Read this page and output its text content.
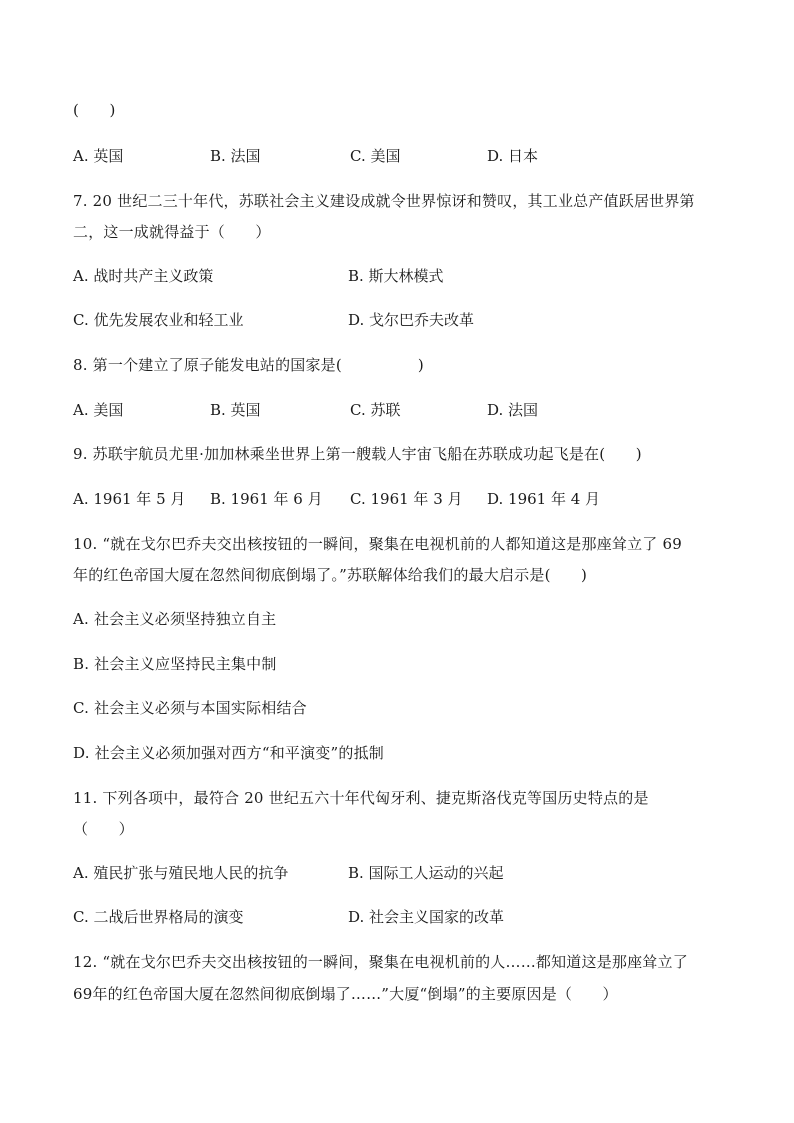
(　　)
A. 英国	B. 法国	C. 美国	D. 日本
7. 20 世纪二三十年代，苏联社会主义建设成就令世界惊讶和赞叹，其工业总产值跃居世界第
二，这一成就得益于（　　）
A. 战时共产主义政策	B. 斯大林模式
C. 优先发展农业和轻工业	D. 戈尔巴乔夫改革
8. 第一个建立了原子能发电站的国家是(　　　　　)
A. 美国	B. 英国	C. 苏联	D. 法国
9. 苏联宇航员尤里·加加林乘坐世界上第一艘载人宇宙飞船在苏联成功起飞是在(　　)
A. 1961 年 5 月 B. 1961 年 6 月 C. 1961 年 3 月 D. 1961 年 4 月
10. “就在戈尔巴乔夫交出核按钮的一瞬间，聚集在电视机前的人都知道这是那座耸立了 69
年的红色帝国大厦在忽然间彻底倒塌了。”苏联解体给我们的最大启示是(　　)
A. 社会主义必须坚持独立自主
B. 社会主义应坚持民主集中制
C. 社会主义必须与本国实际相结合
D. 社会主义必须加强对西方“和平演变”的抵制
11. 下列各项中，最符合 20 世纪五六十年代匈牙利、捷克斯洛伐克等国历史特点的是
（　　）
A. 殖民扩张与殖民地人民的抗争	B. 国际工人运动的兴起
C. 二战后世界格局的演变	D. 社会主义国家的改革
12. “就在戈尔巴乔夫交出核按钮的一瞬间，聚集在电视机前的人……都知道这是那座耸立了
69年的红色帝国大厦在忽然间彻底倒塌了……”大厦“倒塌”的主要原因是（　　）
